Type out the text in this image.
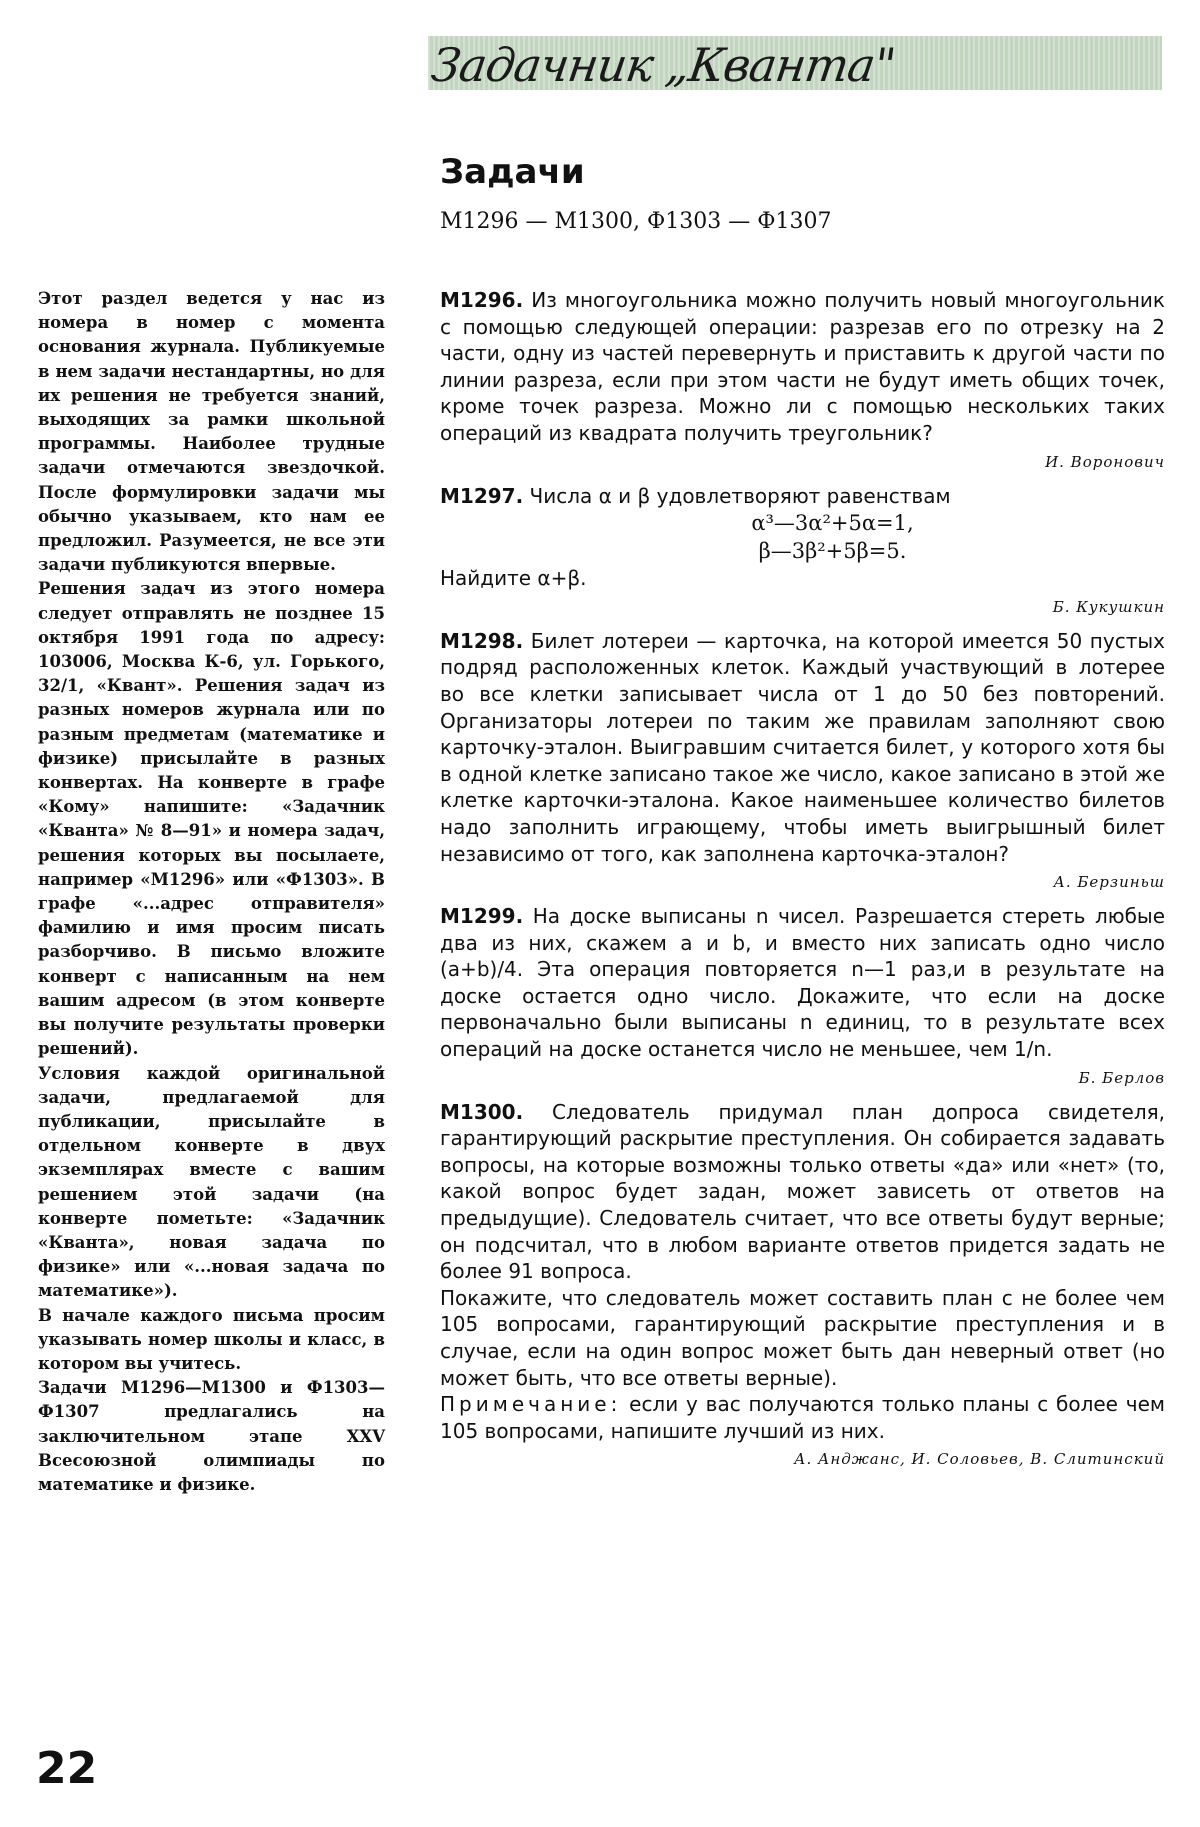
Задачник „Кванта"
Задачи
М1296 — М1300, Ф1303 — Ф1307

Этот раздел ведется у нас из номера в номер с момента основания журнала. Публикуемые в нем задачи нестандартны, но для их решения не требуется знаний, выходящих за рамки школьной программы. Наиболее трудные задачи отмечаются звездочкой. После формулировки задачи мы обычно указываем, кто нам ее предложил. Разумеется, не все эти задачи публикуются впервые.

Решения задач из этого номера следует отправлять не позднее 15 октября 1991 года по адресу: 103006, Москва К-6, ул. Горького, 32/1, «Квант». Решения задач из разных номеров журнала или по разным предметам (математике и физике) присылайте в разных конвертах. На конверте в графе «Кому» напишите: «Задачник «Кванта» № 8—91» и номера задач, решения которых вы посылаете, например «М1296» или «Ф1303». В графе «...адрес отправителя» фамилию и имя просим писать разборчиво. В письмо вложите конверт с написанным на нем вашим адресом (в этом конверте вы получите результаты проверки решений).

Условия каждой оригинальной задачи, предлагаемой для публикации, присылайте в отдельном конверте в двух экземплярах вместе с вашим решением этой задачи (на конверте пометьте: «Задачник «Кванта», новая задача по физике» или «...новая задача по математике»).

В начале каждого письма просим указывать номер школы и класс, в котором вы учитесь.

Задачи М1296—М1300 и Ф1303—Ф1307 предлагались на заключительном этапе XXV Всесоюзной олимпиады по математике и физике.

М1296. Из многоугольника можно получить новый многоугольник с помощью следующей операции: разрезав его по отрезку на 2 части, одну из частей перевернуть и приставить к другой части по линии разреза, если при этом части не будут иметь общих точек, кроме точек разреза. Можно ли с помощью нескольких таких операций из квадрата получить треугольник?

И. Воронович

М1297. Числа α и β удовлетворяют равенствам

α³—3α²+5α=1,
β—3β²+5β=5.

Найдите α+β.

Б. Кукушкин

М1298. Билет лотереи — карточка, на которой имеется 50 пустых подряд расположенных клеток. Каждый участвующий в лотерее во все клетки записывает числа от 1 до 50 без повторений. Организаторы лотереи по таким же правилам заполняют свою карточку-эталон. Выигравшим считается билет, у которого хотя бы в одной клетке записано такое же число, какое записано в этой же клетке карточки-эталона. Какое наименьшее количество билетов надо заполнить играющему, чтобы иметь выигрышный билет независимо от того, как заполнена карточка-эталон?

А. Берзиньш

М1299. На доске выписаны n чисел. Разрешается стереть любые два из них, скажем a и b, и вместо них записать одно число (a+b)/4. Эта операция повторяется n—1 раз,и в результате на доске остается одно число. Докажите, что если на доске первоначально были выписаны n единиц, то в результате всех операций на доске останется число не меньшее, чем 1/n.

Б. Берлов

М1300. Следователь придумал план допроса свидетеля, гарантирующий раскрытие преступления. Он собирается задавать вопросы, на которые возможны только ответы «да» или «нет» (то, какой вопрос будет задан, может зависеть от ответов на предыдущие). Следователь считает, что все ответы будут верные; он подсчитал, что в любом варианте ответов придется задать не более 91 вопроса.

Покажите, что следователь может составить план с не более чем 105 вопросами, гарантирующий раскрытие преступления и в случае, если на один вопрос может быть дан неверный ответ (но может быть, что все ответы верные).

Примечание: если у вас получаются только планы с более чем 105 вопросами, напишите лучший из них.

А. Анджанс, И. Соловьев, В. Слитинский
22
